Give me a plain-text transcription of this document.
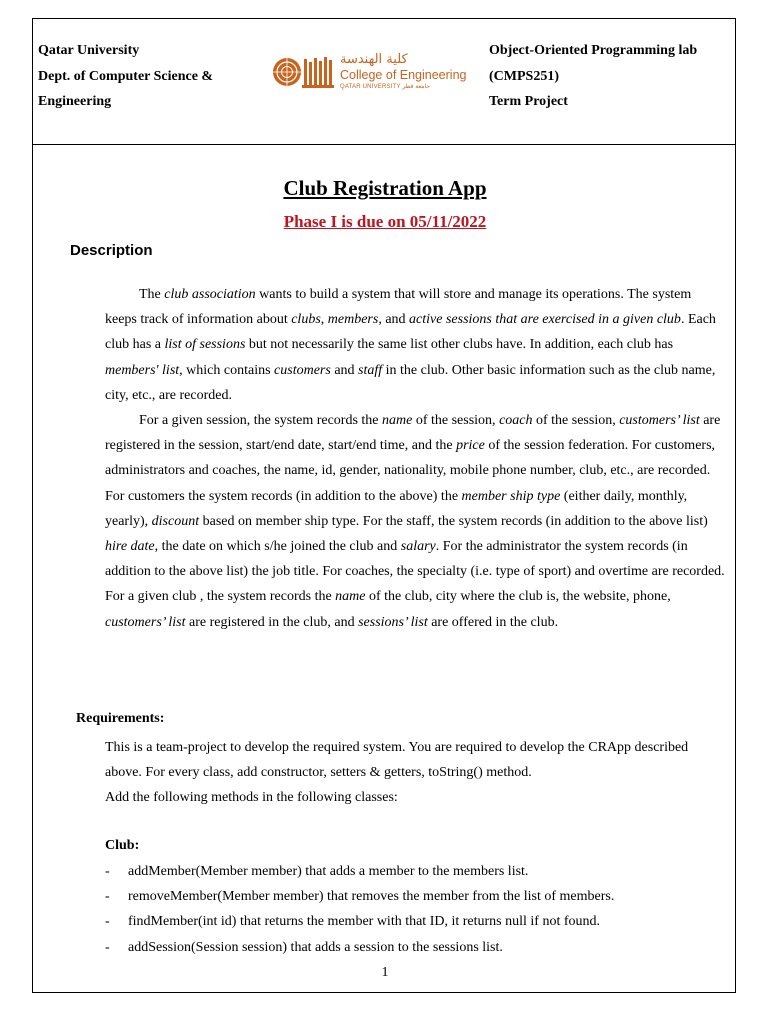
Qatar University
Dept. of Computer Science &
Engineering
كلية الهندسة
College of Engineering
QATAR UNIVERSITY جامعة قطر
Object-Oriented Programming lab
(CMPS251)
Term Project
Club Registration App
Phase I is due on 05/11/2022
Description
The club association wants to build a system that will store and manage its operations. The system keeps track of information about clubs, members, and active sessions that are exercised in a given club. Each club has a list of sessions but not necessarily the same list other clubs have. In addition, each club has members' list, which contains customers and staff in the club. Other basic information such as the club name, city, etc., are recorded.
For a given session, the system records the name of the session, coach of the session, customers’ list are registered in the session, start/end date, start/end time, and the price of the session federation. For customers, administrators and coaches, the name, id, gender, nationality, mobile phone number, club, etc., are recorded. For customers the system records (in addition to the above) the member ship type (either daily, monthly, yearly), discount based on member ship type. For the staff, the system records (in addition to the above list) hire date, the date on which s/he joined the club and salary. For the administrator the system records (in addition to the above list) the job title. For coaches, the specialty (i.e. type of sport) and overtime are recorded. For a given club , the system records the name of the club, city where the club is, the website, phone, customers’ list are registered in the club, and sessions’ list are offered in the club.
Requirements:
This is a team-project to develop the required system. You are required to develop the CRApp described above. For every class, add constructor, setters & getters, toString() method.
Add the following methods in the following classes:
Club:
- addMember(Member member) that adds a member to the members list.
- removeMember(Member member) that removes the member from the list of members.
- findMember(int id) that returns the member with that ID, it returns null if not found.
- addSession(Session session) that adds a session to the sessions list.
1
